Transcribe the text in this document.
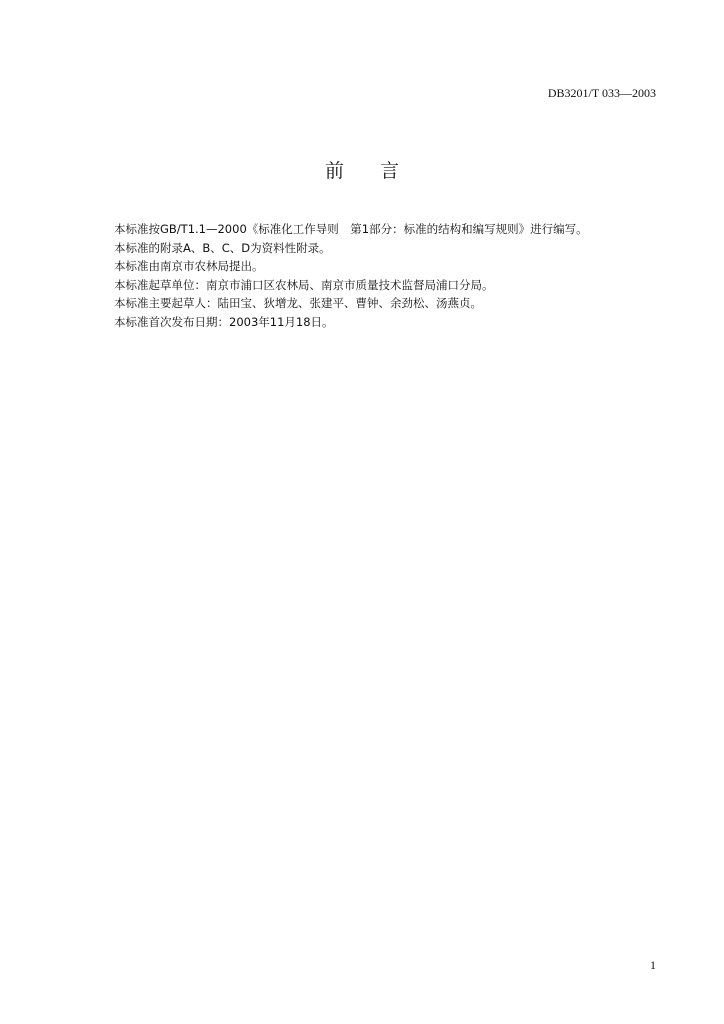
DB3201/T 033—2003
前 言

本标准按GB/T1.1—2000《标准化工作导则　第1部分：标准的结构和编写规则》进行编写。

本标准的附录A、B、C、D为资料性附录。

本标准由南京市农林局提出。

本标准起草单位：南京市浦口区农林局、南京市质量技术监督局浦口分局。

本标准主要起草人：陆田宝、狄增龙、张建平、曹钟、余劲松、汤燕贞。

本标准首次发布日期：2003年11月18日。

1
